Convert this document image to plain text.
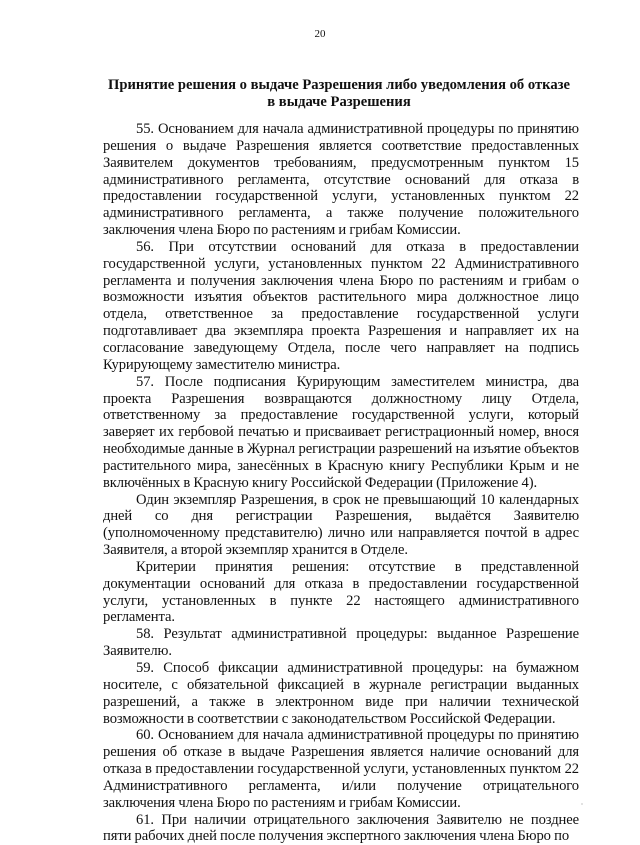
20
Принятие решения о выдаче Разрешения либо уведомления об отказе
в выдаче Разрешения

55. Основанием для начала административной процедуры по принятию решения о выдаче Разрешения является соответствие предоставленных Заявителем документов требованиям, предусмотренным пунктом 15 административного регламента, отсутствие оснований для отказа в предоставлении государственной услуги, установленных пунктом 22 административного регламента, а также получение положительного заключения члена Бюро по растениям и грибам Комиссии.

56. При отсутствии оснований для отказа в предоставлении государственной услуги, установленных пунктом 22 Административного регламента и получения заключения члена Бюро по растениям и грибам о возможности изъятия объектов растительного мира должностное лицо отдела, ответственное за предоставление государственной услуги подготавливает два экземпляра проекта Разрешения и направляет их на согласование заведующему Отдела, после чего направляет на подпись Курирующему заместителю министра.

57. После подписания Курирующим заместителем министра, два проекта Разрешения возвращаются должностному лицу Отдела, ответственному за предоставление государственной услуги, который заверяет их гербовой печатью и присваивает регистрационный номер, внося необходимые данные в Журнал регистрации разрешений на изъятие объектов растительного мира, занесённых в Красную книгу Республики Крым и не включённых в Красную книгу Российской Федерации (Приложение 4).

Один экземпляр Разрешения, в срок не превышающий 10 календарных дней со дня регистрации Разрешения, выдаётся Заявителю (уполномоченному представителю) лично или направляется почтой в адрес Заявителя, а второй экземпляр хранится в Отделе.

Критерии принятия решения: отсутствие в представленной документации оснований для отказа в предоставлении государственной услуги, установленных в пункте 22 настоящего административного регламента.

58. Результат административной процедуры: выданное Разрешение Заявителю.

59. Способ фиксации административной процедуры: на бумажном носителе, с обязательной фиксацией в журнале регистрации выданных разрешений, а также в электронном виде при наличии технической возможности в соответствии с законодательством Российской Федерации.

60. Основанием для начала административной процедуры по принятию решения об отказе в выдаче Разрешения является наличие оснований для отказа в предоставлении государственной услуги, установленных пунктом 22 Административного регламента, и/или получение отрицательного заключения члена Бюро по растениям и грибам Комиссии.

61. При наличии отрицательного заключения Заявителю не позднее пяти рабочих дней после получения экспертного заключения члена Бюро по
